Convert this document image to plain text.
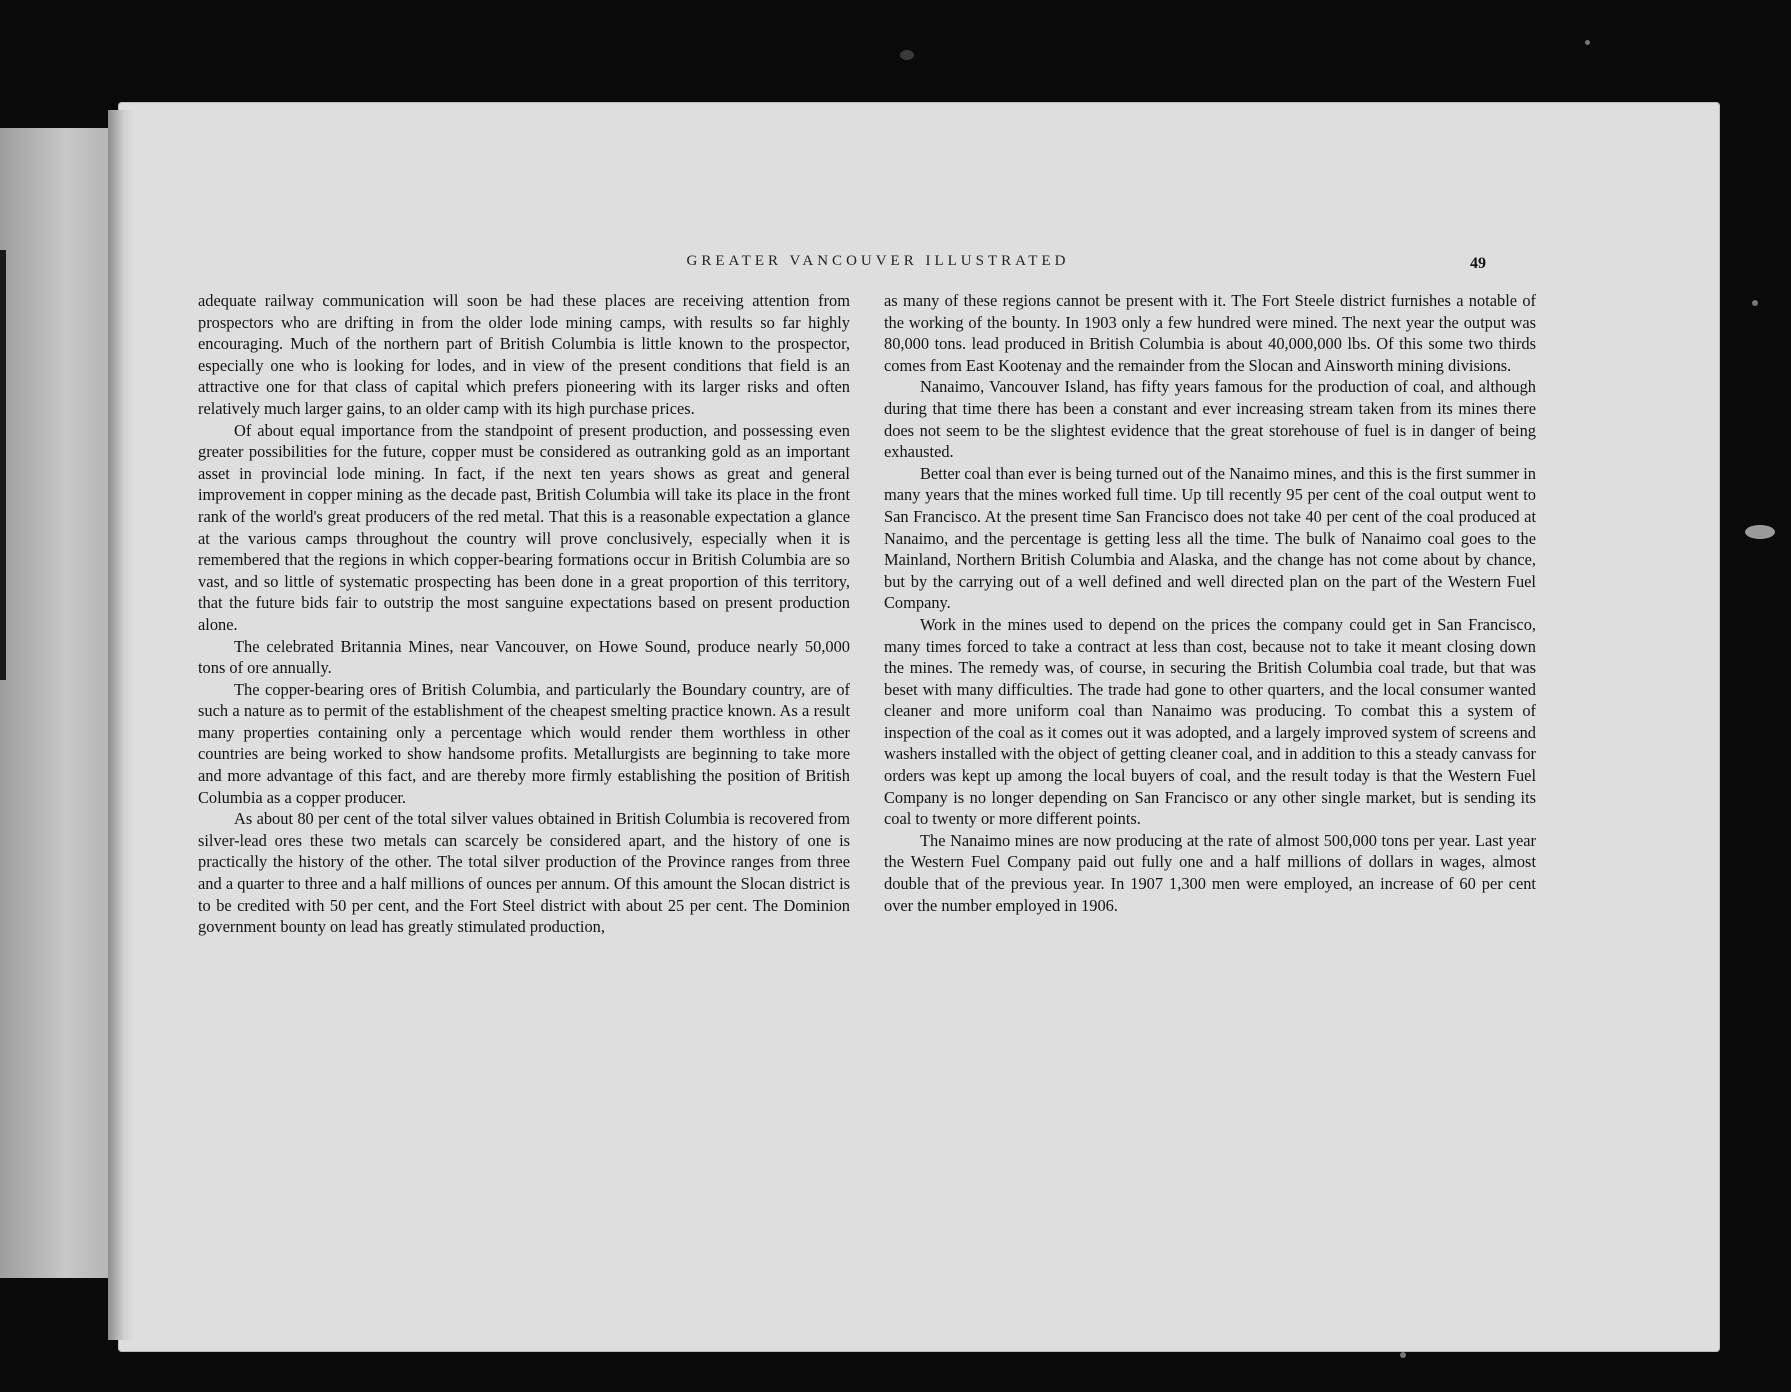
GREATER VANCOUVER ILLUSTRATED	49

adequate railway communication will soon be had these places are receiving attention from prospectors who are drifting in from the older lode mining camps, with results so far highly encouraging. Much of the northern part of British Columbia is little known to the prospector, especially one who is looking for lodes, and in view of the present conditions that field is an attractive one for that class of capital which prefers pioneering with its larger risks and often relatively much larger gains, to an older camp with its high purchase prices.

Of about equal importance from the standpoint of present production, and possessing even greater possibilities for the future, copper must be considered as outranking gold as an important asset in provincial lode mining. In fact, if the next ten years shows as great and general improvement in copper mining as the decade past, British Columbia will take its place in the front rank of the world's great producers of the red metal. That this is a reasonable expectation a glance at the various camps throughout the country will prove conclusively, especially when it is remembered that the regions in which copper-bearing formations occur in British Columbia are so vast, and so little of systematic prospecting has been done in a great proportion of this territory, that the future bids fair to outstrip the most sanguine expectations based on present production alone.

The celebrated Britannia Mines, near Vancouver, on Howe Sound, produce nearly 50,000 tons of ore annually.

The copper-bearing ores of British Columbia, and particularly the Boundary country, are of such a nature as to permit of the establishment of the cheapest smelting practice known. As a result many properties containing only a percentage which would render them worthless in other countries are being worked to show handsome profits. Metallurgists are beginning to take more and more advantage of this fact, and are thereby more firmly establishing the position of British Columbia as a copper producer.

As about 80 per cent of the total silver values obtained in British Columbia is recovered from silver-lead ores these two metals can scarcely be considered apart, and the history of one is practically the history of the other. The total silver production of the Province ranges from three and a quarter to three and a half millions of ounces per annum. Of this amount the Slocan district is to be credited with 50 per cent, and the Fort Steel district with about 25 per cent. The Dominion government bounty on lead has greatly stimulated production,

as many of these regions cannot be present with it. The Fort Steele district furnishes a notable of the working of the bounty. In 1903 only a few hundred were mined. The next year the output was 80,000 tons. lead produced in British Columbia is about 40,000,000 lbs. Of this some two thirds comes from East Kootenay and the remainder from the Slocan and Ainsworth mining divisions.

Nanaimo, Vancouver Island, has fifty years famous for the production of coal, and although during that time there has been a constant and ever increasing stream taken from its mines there does not seem to be the slightest evidence that the great storehouse of fuel is in danger of being exhausted.

Better coal than ever is being turned out of the Nanaimo mines, and this is the first summer in many years that the mines worked full time. Up till recently 95 per cent of the coal output went to San Francisco. At the present time San Francisco does not take 40 per cent of the coal produced at Nanaimo, and the percentage is getting less all the time. The bulk of Nanaimo coal goes to the Mainland, Northern British Columbia and Alaska, and the change has not come about by chance, but by the carrying out of a well defined and well directed plan on the part of the Western Fuel Company.

Work in the mines used to depend on the prices the company could get in San Francisco, many times forced to take a contract at less than cost, because not to take it meant closing down the mines. The remedy was, of course, in securing the British Columbia coal trade, but that was beset with many difficulties. The trade had gone to other quarters, and the local consumer wanted cleaner and more uniform coal than Nanaimo was producing. To combat this a system of inspection of the coal as it comes out it was adopted, and a largely improved system of screens and washers installed with the object of getting cleaner coal, and in addition to this a steady canvass for orders was kept up among the local buyers of coal, and the result today is that the Western Fuel Company is no longer depending on San Francisco or any other single market, but is sending its coal to twenty or more different points.

The Nanaimo mines are now producing at the rate of almost 500,000 tons per year. Last year the Western Fuel Company paid out fully one and a half millions of dollars in wages, almost double that of the previous year. In 1907 1,300 men were employed, an increase of 60 per cent over the number employed in 1906.
